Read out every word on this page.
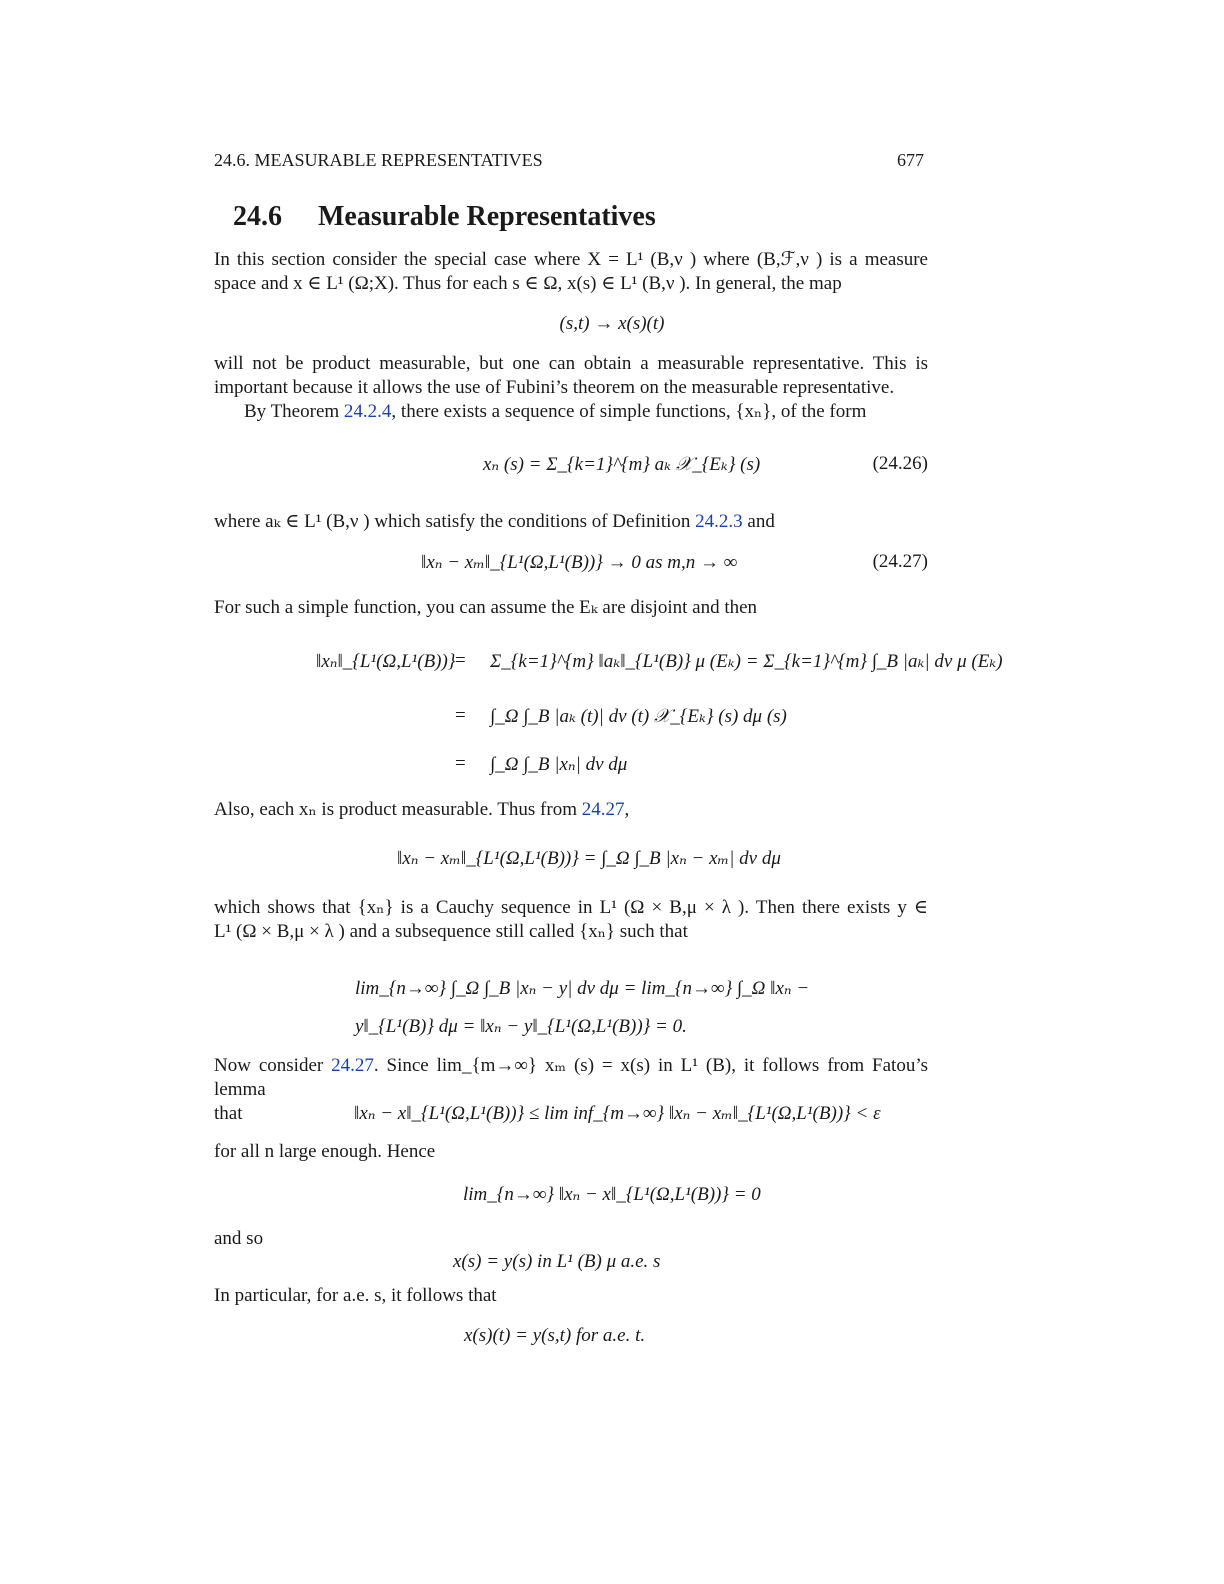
24.6. MEASURABLE REPRESENTATIVES	677
24.6 Measurable Representatives
In this section consider the special case where X = L¹ (B,ν ) where (B,ℱ,ν ) is a measure
space and x ∈ L¹ (Ω;X). Thus for each s ∈ Ω, x(s) ∈ L¹ (B,ν ). In general, the map
(s,t) → x(s)(t)
will not be product measurable, but one can obtain a measurable representative. This is
important because it allows the use of Fubini’s theorem on the measurable representative.
By Theorem 24.2.4, there exists a sequence of simple functions, {xₙ}, of the form
xₙ (s) = Σ_{k=1}^{m} aₖ 𝒳_{Eₖ} (s)	(24.26)
where aₖ ∈ L¹ (B,ν ) which satisfy the conditions of Definition 24.2.3 and
‖xₙ − xₘ‖_{L¹(Ω,L¹(B))} → 0 as m,n → ∞	(24.27)
For such a simple function, you can assume the Eₖ are disjoint and then
‖xₙ‖_{L¹(Ω,L¹(B))} = Σ_{k=1}^{m} ‖aₖ‖_{L¹(B)} μ (Eₖ) = Σ_{k=1}^{m} ∫_B |aₖ| dν μ (Eₖ)
= ∫_Ω ∫_B |aₖ (t)| dν (t) 𝒳_{Eₖ} (s) dμ (s)
= ∫_Ω ∫_B |xₙ| dν dμ
Also, each xₙ is product measurable. Thus from 24.27,
‖xₙ − xₘ‖_{L¹(Ω,L¹(B))} = ∫_Ω ∫_B |xₙ − xₘ| dν dμ
which shows that {xₙ} is a Cauchy sequence in L¹ (Ω × B,μ × λ ). Then there exists y ∈
L¹ (Ω × B,μ × λ ) and a subsequence still called {xₙ} such that
lim_{n→∞} ∫_Ω ∫_B |xₙ − y| dν dμ = lim_{n→∞} ∫_Ω ‖xₙ − y‖_{L¹(B)} dμ = ‖xₙ − y‖_{L¹(Ω,L¹(B))} = 0.
Now consider 24.27. Since lim_{m→∞} xₘ (s) = x(s) in L¹ (B), it follows from Fatou’s lemma
that	‖xₙ − x‖_{L¹(Ω,L¹(B))} ≤ lim inf_{m→∞} ‖xₙ − xₘ‖_{L¹(Ω,L¹(B))} < ε
for all n large enough. Hence
lim_{n→∞} ‖xₙ − x‖_{L¹(Ω,L¹(B))} = 0
and so
x(s) = y(s) in L¹ (B) μ a.e. s
In particular, for a.e. s, it follows that
x(s)(t) = y(s,t) for a.e. t.
